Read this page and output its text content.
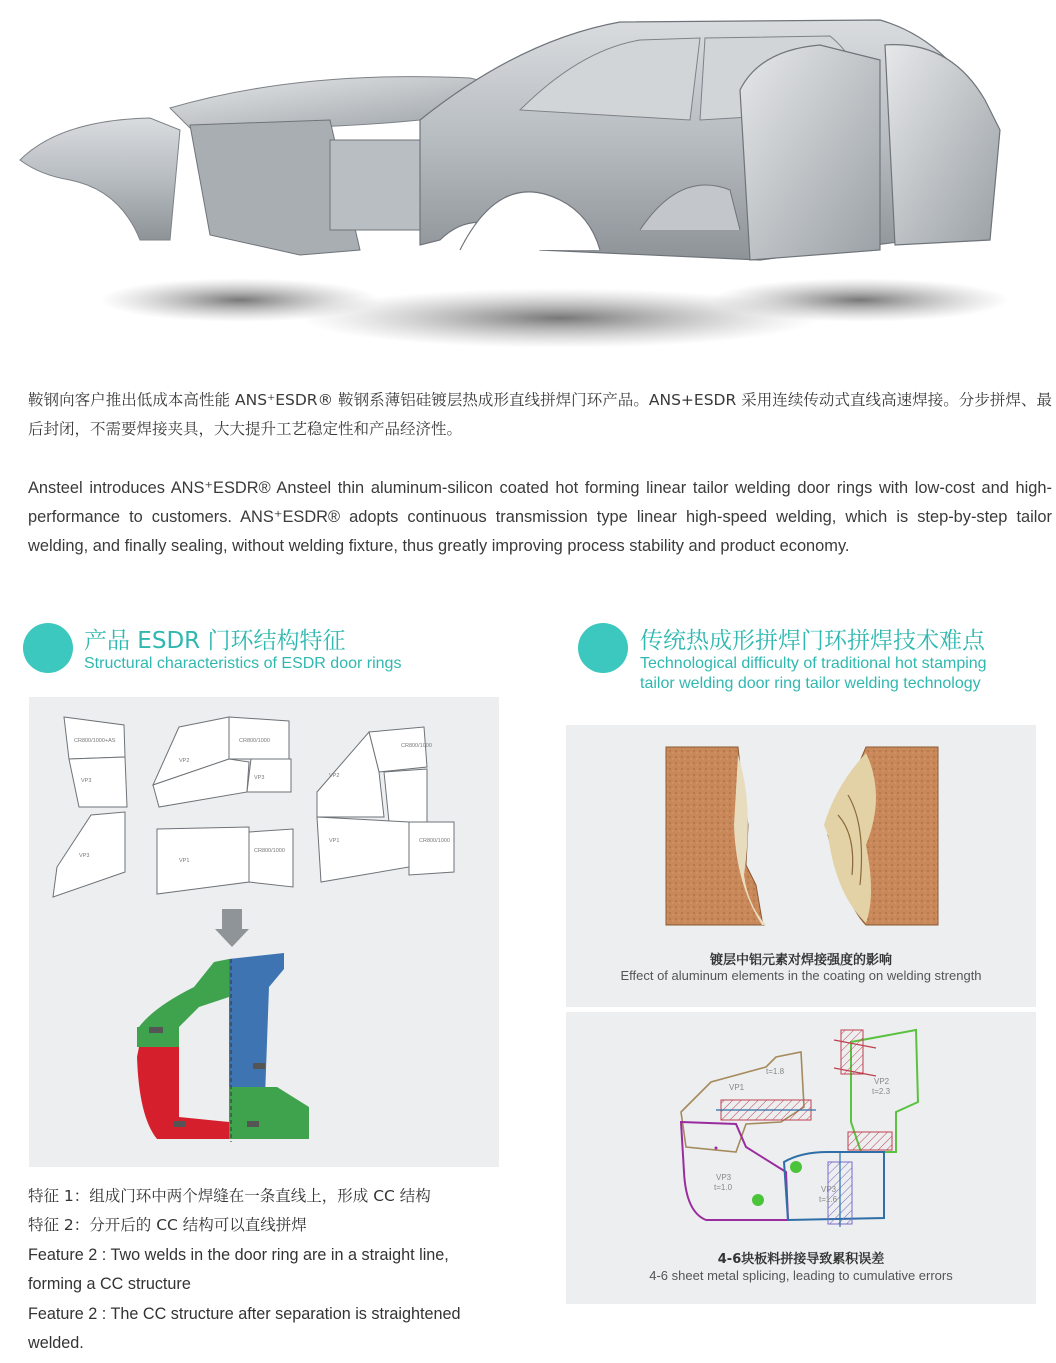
鞍钢向客户推出低成本高性能 ANS⁺ESDR® 鞍钢系薄铝硅镀层热成形直线拼焊门环产品。ANS+ESDR 采用连续传动式直线高速焊接。分步拼焊、最后封闭，不需要焊接夹具，大大提升工艺稳定性和产品经济性。

Ansteel introduces ANS⁺ESDR® Ansteel thin aluminum-silicon coated hot forming linear tailor welding door rings with low-cost and high-performance to customers. ANS⁺ESDR® adopts continuous transmission type linear high-speed welding, which is step-by-step tailor welding, and finally sealing, without welding fixture, thus greatly improving process stability and product economy.

产品 ESDR 门环结构特征
Structural characteristics of ESDR door rings
传统热成形拼焊门环拼焊技术难点
Technological difficulty of traditional hot stamping
tailor welding door ring tailor welding technology
CR800/1000+AS
VP3
VP2
CR800/1000
VP3
VP3
VP1
CR800/1000
VP2
CR800/1000
VP1	CR800/1000
镀层中铝元素对焊接强度的影响
Effect of aluminum elements in the coating on welding strength
VP1
t=1.8
VP2
t=2.3
VP3
t=1.0	VP3
t=1.6
4-6块板料拼接导致累积误差
4-6 sheet metal splicing, leading to cumulative errors
特征 1：组成门环中两个焊缝在一条直线上，形成 CC 结构
特征 2：分开后的 CC 结构可以直线拼焊
Feature 2 : Two welds in the door ring are in a straight line,
forming a CC structure
Feature 2 : The CC structure after separation is straightened
welded.
